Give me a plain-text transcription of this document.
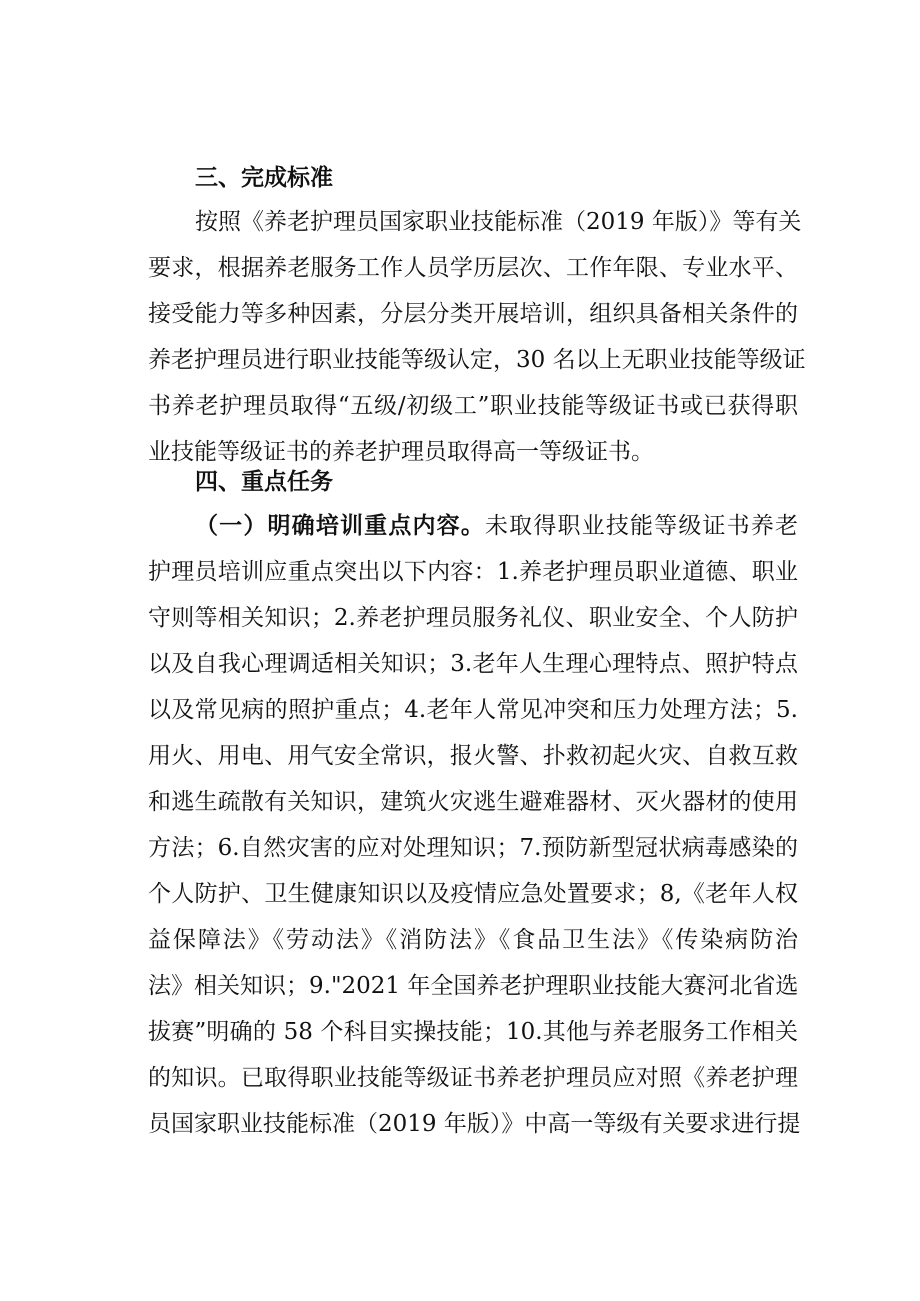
三、完成标准
按照《养老护理员国家职业技能标准（2019 年版）》等有关
要求，根据养老服务工作人员学历层次、工作年限、专业水平、
接受能力等多种因素，分层分类开展培训，组织具备相关条件的
养老护理员进行职业技能等级认定，30 名以上无职业技能等级证
书养老护理员取得“五级/初级工”职业技能等级证书或已获得职
业技能等级证书的养老护理员取得高一等级证书。
四、重点任务
（一）明确培训重点内容。未取得职业技能等级证书养老
护理员培训应重点突出以下内容：1.养老护理员职业道德、职业
守则等相关知识；2.养老护理员服务礼仪、职业安全、个人防护
以及自我心理调适相关知识；3.老年人生理心理特点、照护特点
以及常见病的照护重点；4.老年人常见冲突和压力处理方法；5.
用火、用电、用气安全常识，报火警、扑救初起火灾、自救互救
和逃生疏散有关知识，建筑火灾逃生避难器材、灭火器材的使用
方法；6.自然灾害的应对处理知识；7.预防新型冠状病毒感染的
个人防护、卫生健康知识以及疫情应急处置要求；8,《老年人权
益保障法》《劳动法》《消防法》《食品卫生法》《传染病防治
法》相关知识；9."2021 年全国养老护理职业技能大赛河北省选
拔赛”明确的 58 个科目实操技能；10.其他与养老服务工作相关
的知识。已取得职业技能等级证书养老护理员应对照《养老护理
员国家职业技能标准（2019 年版）》中高一等级有关要求进行提
